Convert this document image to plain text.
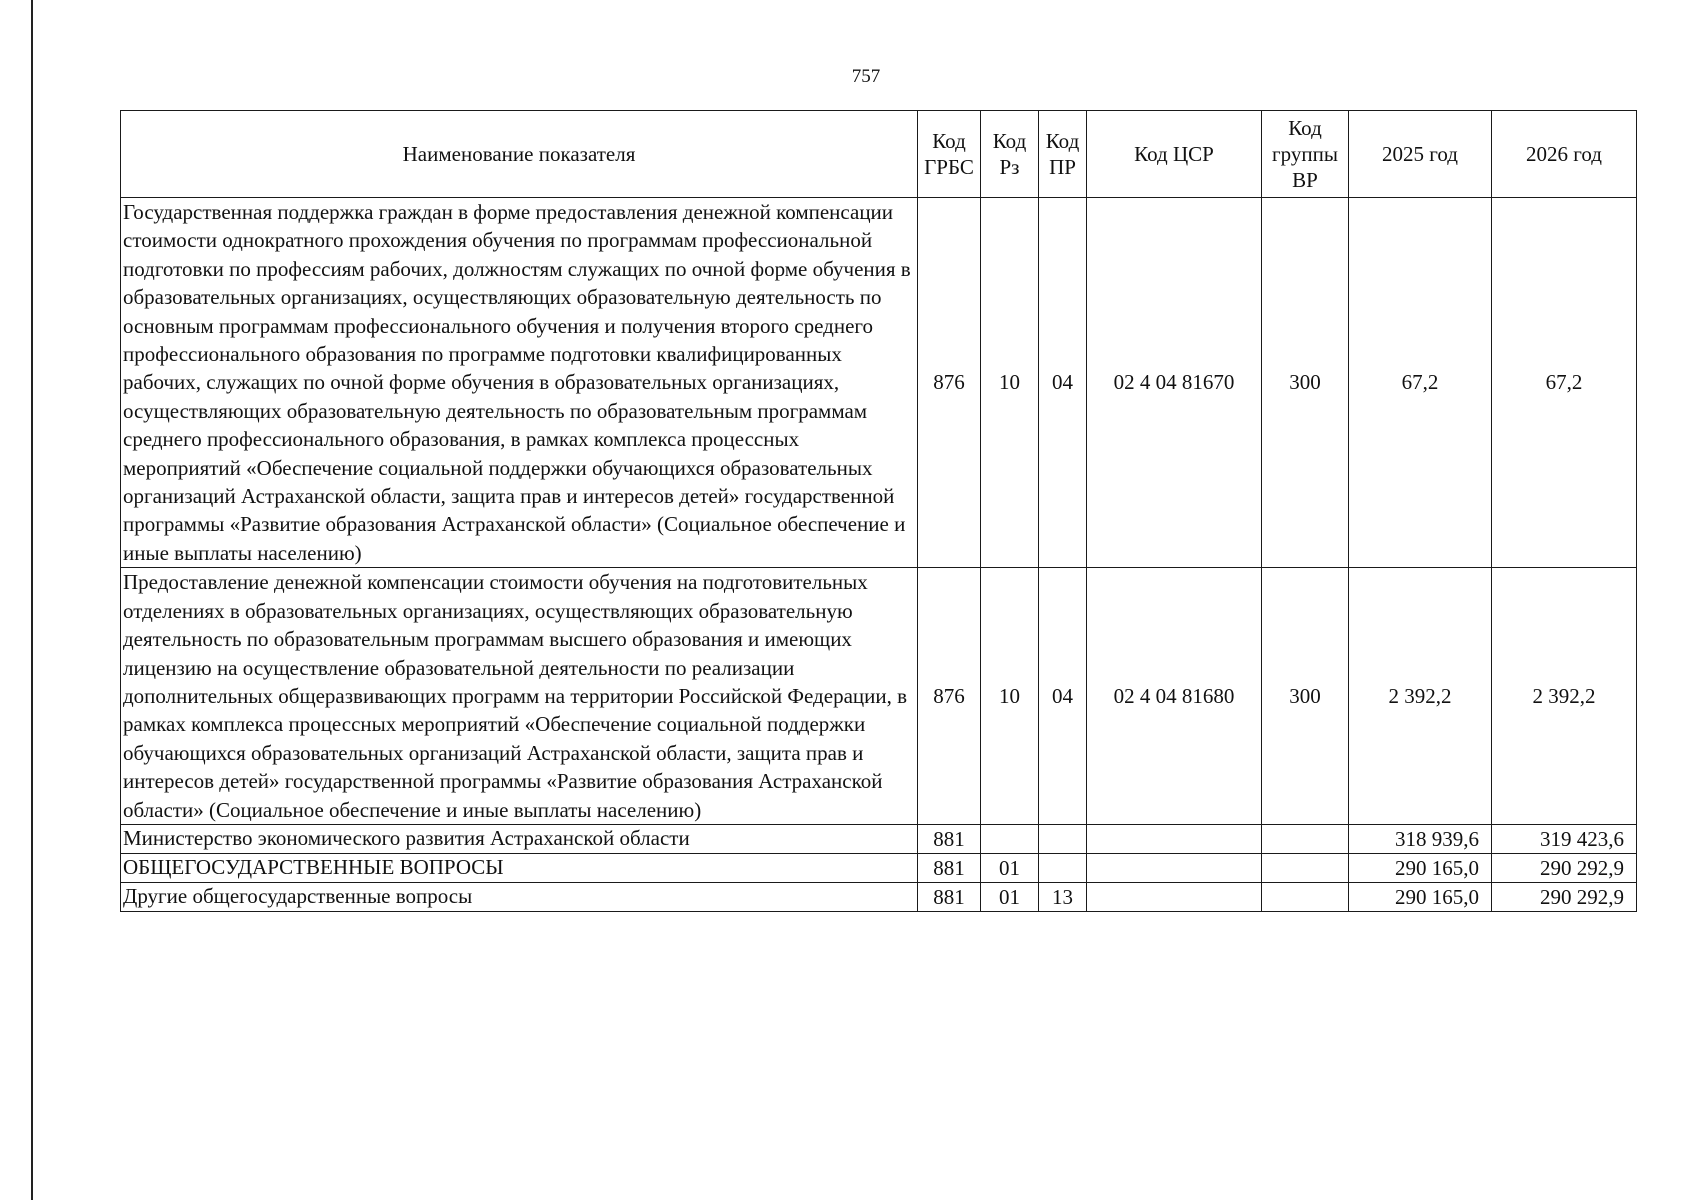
757
Наименование показателя	Код ГРБС	Код Рз	Код ПР	Код ЦСР	Код группы ВР	2025 год	2026 год
Государственная поддержка граждан в форме предоставления денежной компенсации стоимости однократного прохождения обучения по программам профессиональной подготовки по профессиям рабочих, должностям служащих по очной форме обучения в образовательных организациях, осуществляющих образовательную деятельность по основным программам профессионального обучения и получения второго среднего профессионального образования по программе подготовки квалифицированных рабочих, служащих по очной форме обучения в образовательных организациях, осуществляющих образовательную деятельность по образовательным программам среднего профессионального образования, в рамках комплекса процессных мероприятий «Обеспечение социальной поддержки обучающихся образовательных организаций Астраханской области, защита прав и интересов детей» государственной программы «Развитие образования Астраханской области» (Социальное обеспечение и иные выплаты населению)	876	10	04	02 4 04 81670	300	67,2	67,2
Предоставление денежной компенсации стоимости обучения на подготовительных отделениях в образовательных организациях, осуществляющих образовательную деятельность по образовательным программам высшего образования и имеющих лицензию на осуществление образовательной деятельности по реализации дополнительных общеразвивающих программ на территории Российской Федерации, в рамках комплекса процессных мероприятий «Обеспечение социальной поддержки обучающихся образовательных организаций Астраханской области, защита прав и интересов детей» государственной программы «Развитие образования Астраханской области» (Социальное обеспечение и иные выплаты населению)	876	10	04	02 4 04 81680	300	2 392,2	2 392,2
Министерство экономического развития Астраханской области	881					318 939,6	319 423,6
ОБЩЕГОСУДАРСТВЕННЫЕ ВОПРОСЫ	881	01				290 165,0	290 292,9
Другие общегосударственные вопросы	881	01	13			290 165,0	290 292,9
